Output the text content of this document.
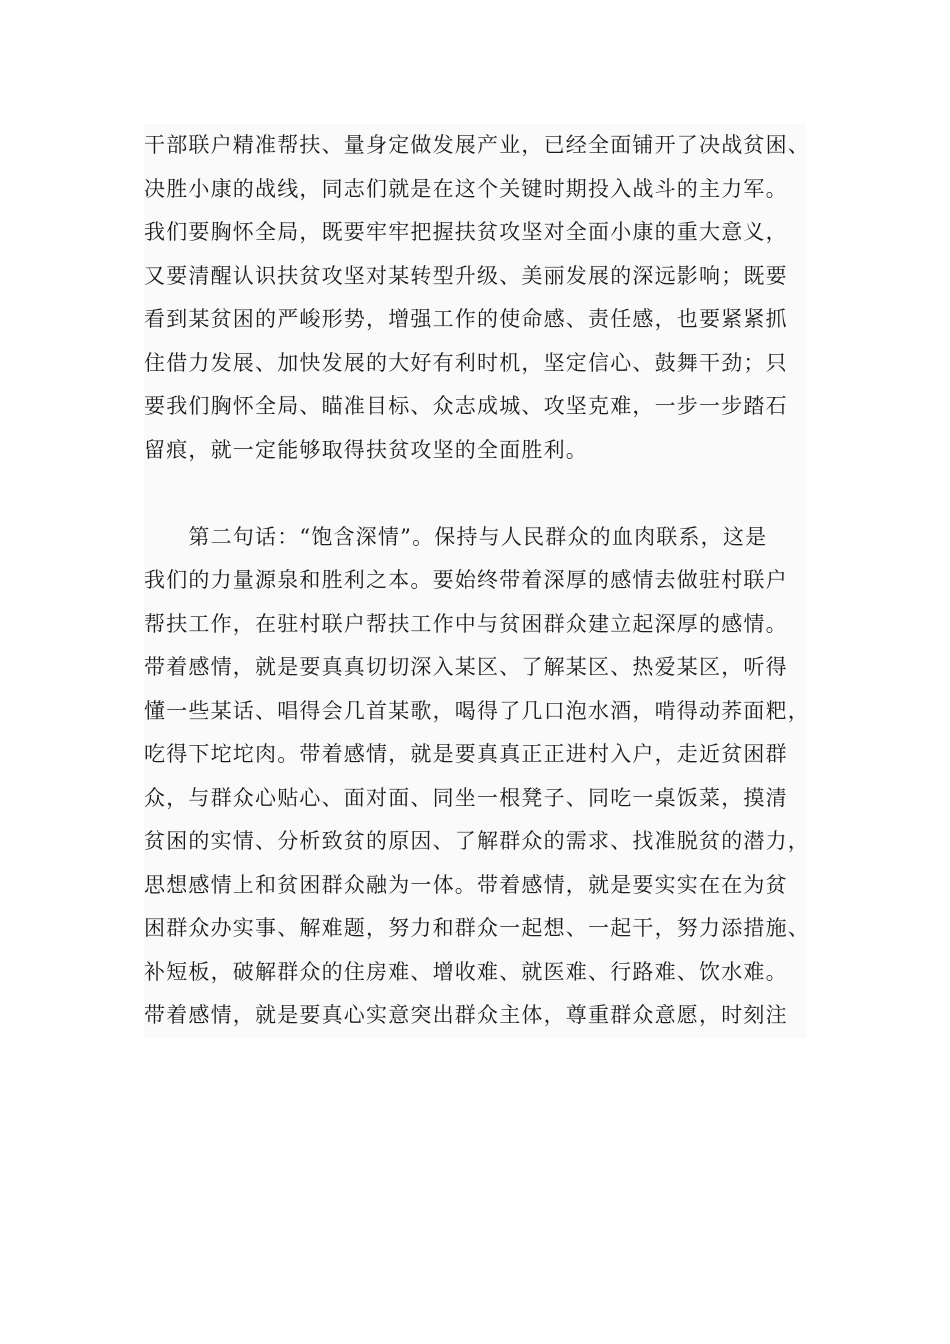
干部联户精准帮扶、量身定做发展产业，已经全面铺开了决战贫困、
决胜小康的战线，同志们就是在这个关键时期投入战斗的主力军。
我们要胸怀全局，既要牢牢把握扶贫攻坚对全面小康的重大意义，
又要清醒认识扶贫攻坚对某转型升级、美丽发展的深远影响；既要
看到某贫困的严峻形势，增强工作的使命感、责任感，也要紧紧抓
住借力发展、加快发展的大好有利时机，坚定信心、鼓舞干劲；只
要我们胸怀全局、瞄准目标、众志成城、攻坚克难，一步一步踏石
留痕，就一定能够取得扶贫攻坚的全面胜利。
　　第二句话：“饱含深情”。保持与人民群众的血肉联系，这是
我们的力量源泉和胜利之本。要始终带着深厚的感情去做驻村联户
帮扶工作，在驻村联户帮扶工作中与贫困群众建立起深厚的感情。
带着感情，就是要真真切切深入某区、了解某区、热爱某区，听得
懂一些某话、唱得会几首某歌，喝得了几口泡水酒，啃得动荞面粑，
吃得下坨坨肉。带着感情，就是要真真正正进村入户，走近贫困群
众，与群众心贴心、面对面、同坐一根凳子、同吃一桌饭菜，摸清
贫困的实情、分析致贫的原因、了解群众的需求、找准脱贫的潜力，
思想感情上和贫困群众融为一体。带着感情，就是要实实在在为贫
困群众办实事、解难题，努力和群众一起想、一起干，努力添措施、
补短板，破解群众的住房难、增收难、就医难、行路难、饮水难。
带着感情，就是要真心实意突出群众主体，尊重群众意愿，时刻注
